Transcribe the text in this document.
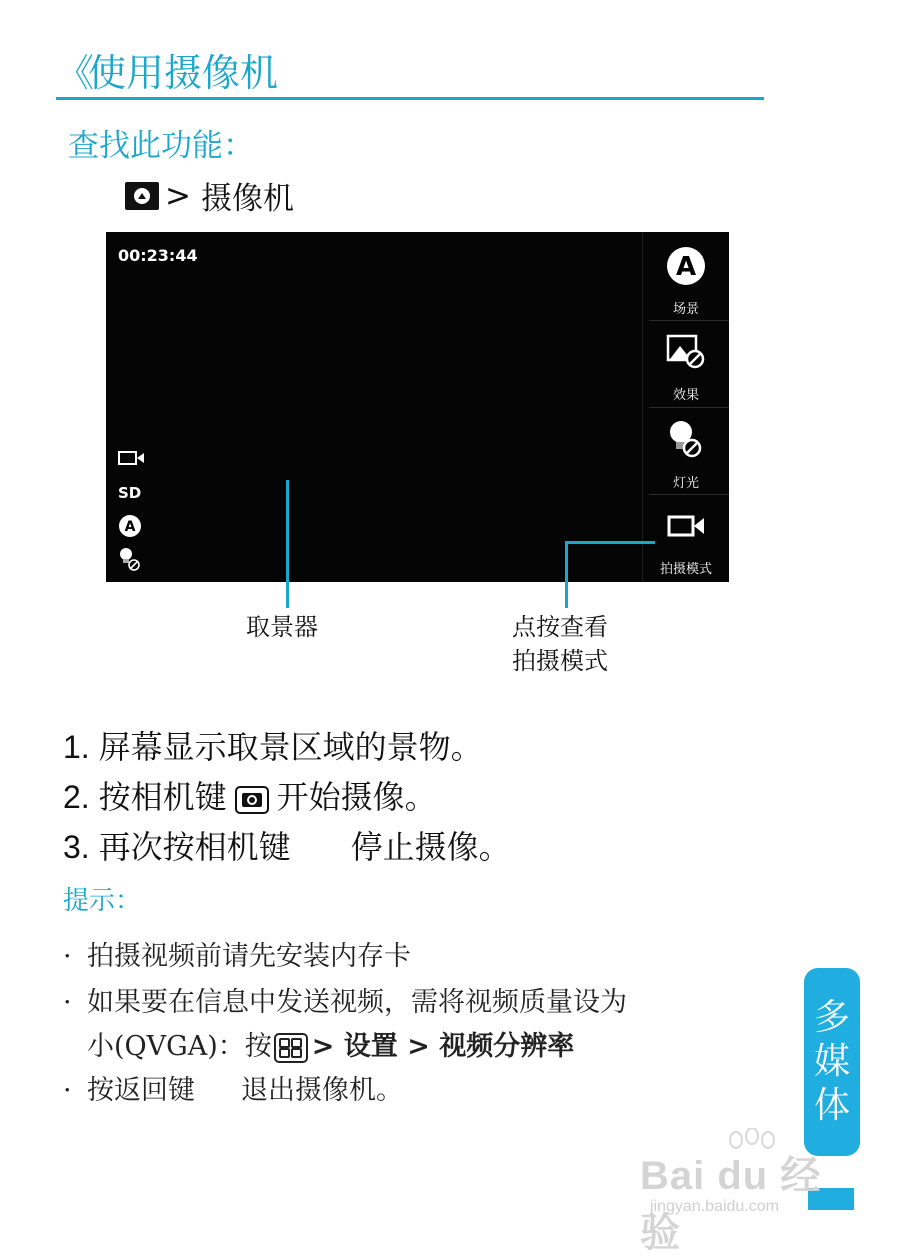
《 使用摄像机
查找此功能：
> 摄像机
00:23:44
SD
A
A
场景
效果
灯光
拍摄模式
取景器	点按查看
拍摄模式
1. 屏幕显示取景区域的景物。
2. 按相机键 开始摄像。
3. 再次按相机键 停止摄像。
提示：
· 拍摄视频前请先安装内存卡
· 如果要在信息中发送视频，需将视频质量设为
小(QVGA)：按 > 设置 > 视频分辨率
· 按返回键 退出摄像机。
多
媒
体
Bai du 经验
jingyan.baidu.com
